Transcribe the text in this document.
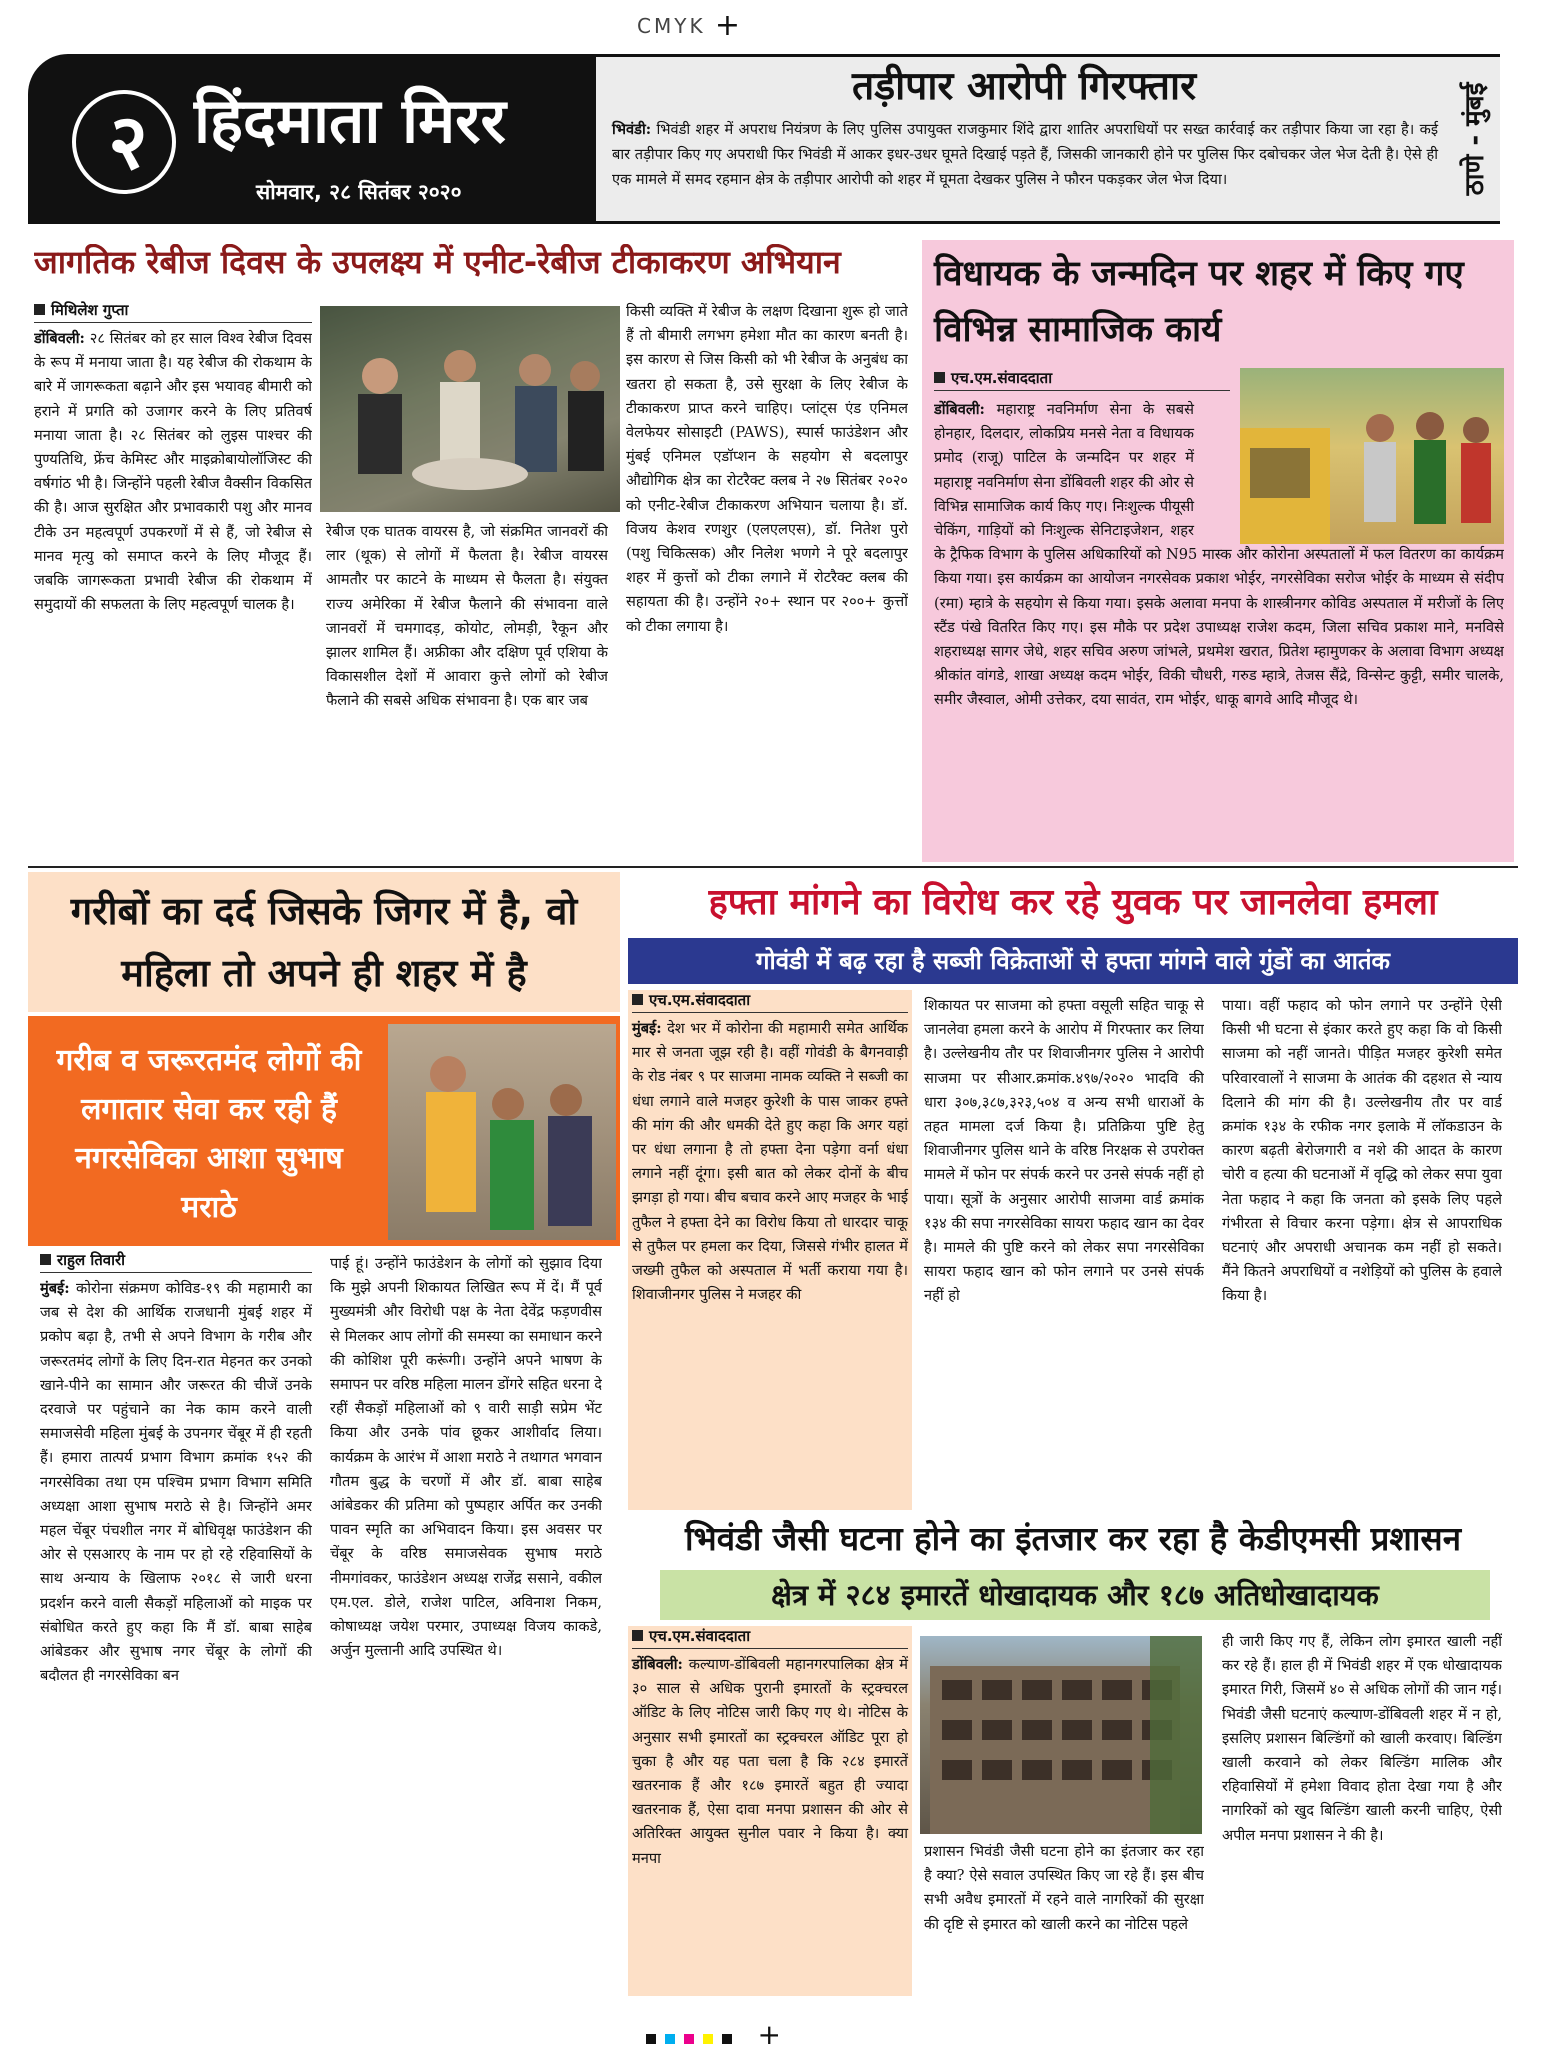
CMYK +
२ हिंदमाता मिरर
सोमवार, २८ सितंबर २०२०
तड़ीपार आरोपी गिरफ्तार
भिवंडी: भिवंडी शहर में अपराध नियंत्रण के लिए पुलिस उपायुक्त राजकुमार शिंदे द्वारा शातिर अपराधियों पर सख्त कार्रवाई कर तड़ीपार किया जा रहा है। कई बार तड़ीपार किए गए अपराधी फिर भिवंडी में आकर इधर-उधर घूमते दिखाई पड़ते हैं, जिसकी जानकारी होने पर पुलिस फिर दबोचकर जेल भेज देती है। ऐसे ही एक मामले में समद रहमान क्षेत्र के तड़ीपार आरोपी को शहर में घूमता देखकर पुलिस ने फौरन पकड़कर जेल भेज दिया।	ठाणे - मुंबई
जागतिक रेबीज दिवस के उपलक्ष्य में एनीट-रेबीज टीकाकरण अभियान
मिथिलेश गुप्ता
डोंबिवली: २८ सितंबर को हर साल विश्व रेबीज दिवस के रूप में मनाया जाता है। यह रेबीज की रोकथाम के बारे में जागरूकता बढ़ाने और इस भयावह बीमारी को हराने में प्रगति को उजागर करने के लिए प्रतिवर्ष मनाया जाता है। २८ सितंबर को लुइस पाश्चर की पुण्यतिथि, फ्रेंच केमिस्ट और माइक्रोबायोलॉजिस्ट की वर्षगांठ भी है। जिन्होंने पहली रेबीज वैक्सीन विकसित की है। आज सुरक्षित और प्रभावकारी पशु और मानव टीके उन महत्वपूर्ण उपकरणों में से हैं, जो रेबीज से मानव मृत्यु को समाप्त करने के लिए मौजूद हैं। जबकि जागरूकता प्रभावी रेबीज की रोकथाम में समुदायों की सफलता के लिए महत्वपूर्ण चालक है।
रेबीज एक घातक वायरस है, जो संक्रमित जानवरों की लार (थूक) से लोगों में फैलता है। रेबीज वायरस आमतौर पर काटने के माध्यम से फैलता है। संयुक्त राज्य अमेरिका में रेबीज फैलाने की संभावना वाले जानवरों में चमगादड़, कोयोट, लोमड़ी, रैकून और झालर शामिल हैं। अफ्रीका और दक्षिण पूर्व एशिया के विकासशील देशों में आवारा कुत्ते लोगों को रेबीज फैलाने की सबसे अधिक संभावना है। एक बार जब
किसी व्यक्ति में रेबीज के लक्षण दिखाना शुरू हो जाते हैं तो बीमारी लगभग हमेशा मौत का कारण बनती है। इस कारण से जिस किसी को भी रेबीज के अनुबंध का खतरा हो सकता है, उसे सुरक्षा के लिए रेबीज के टीकाकरण प्राप्त करने चाहिए। प्लांट्स एंड एनिमल वेलफेयर सोसाइटी (PAWS), स्पार्स फाउंडेशन और मुंबई एनिमल एडॉप्शन के सहयोग से बदलापुर औद्योगिक क्षेत्र का रोटरैक्ट क्लब ने २७ सितंबर २०२० को एनीट-रेबीज टीकाकरण अभियान चलाया है। डॉ. विजय केशव रणशुर (एलएलएस), डॉ. नितेश पुरो (पशु चिकित्सक) और निलेश भणगे ने पूरे बदलापुर शहर में कुत्तों को टीका लगाने में रोटरैक्ट क्लब की सहायता की है। उन्होंने २०+ स्थान पर २००+ कुत्तों को टीका लगाया है।
विधायक के जन्मदिन पर शहर में किए गए विभिन्न सामाजिक कार्य
एच.एम.संवाददाता
डोंबिवली: महाराष्ट्र नवनिर्माण सेना के सबसे होनहार, दिलदार, लोकप्रिय मनसे नेता व विधायक प्रमोद (राजू) पाटिल के जन्मदिन पर शहर में महाराष्ट्र नवनिर्माण सेना डोंबिवली शहर की ओर से विभिन्न सामाजिक कार्य किए गए। निःशुल्क पीयूसी चेकिंग, गाड़ियों को निःशुल्क सेनिटाइजेशन, शहर के ट्रैफिक विभाग के पुलिस अधिकारियों को N95 मास्क और कोरोना अस्पतालों में फल वितरण का कार्यक्रम किया गया। इस कार्यक्रम का आयोजन नगरसेवक प्रकाश भोईर, नगरसेविका सरोज भोईर के माध्यम से संदीप (रमा) म्हात्रे के सहयोग से किया गया। इसके अलावा मनपा के शास्त्रीनगर कोविड अस्पताल में मरीजों के लिए स्टैंड पंखे वितरित किए गए। इस मौके पर प्रदेश उपाध्यक्ष राजेश कदम, जिला सचिव प्रकाश माने, मनविसे शहराध्यक्ष सागर जेधे, शहर सचिव अरुण जांभले, प्रथमेश खरात, प्रितेश म्हामुणकर के अलावा विभाग अध्यक्ष श्रीकांत वांगडे, शाखा अध्यक्ष कदम भोईर, विकी चौधरी, गरुड म्हात्रे, तेजस सैंद्रे, विन्सेन्ट कुट्टी, समीर चालके, समीर जैस्वाल, ओमी उत्तेकर, दया सावंत, राम भोईर, धाकू बागवे आदि मौजूद थे।
गरीबों का दर्द जिसके जिगर में है, वो महिला तो अपने ही शहर में है
गरीब व जरूरतमंद लोगों की लगातार सेवा कर रही हैं नगरसेविका आशा सुभाष मराठे
राहुल तिवारी
मुंबई: कोरोना संक्रमण कोविड-१९ की महामारी का जब से देश की आर्थिक राजधानी मुंबई शहर में प्रकोप बढ़ा है, तभी से अपने विभाग के गरीब और जरूरतमंद लोगों के लिए दिन-रात मेहनत कर उनको खाने-पीने का सामान और जरूरत की चीजें उनके दरवाजे पर पहुंचाने का नेक काम करने वाली समाजसेवी महिला मुंबई के उपनगर चेंबूर में ही रहती हैं। हमारा तात्पर्य प्रभाग विभाग क्रमांक १५२ की नगरसेविका तथा एम पश्चिम प्रभाग विभाग समिति अध्यक्षा आशा सुभाष मराठे से है। जिन्होंने अमर महल चेंबूर पंचशील नगर में बोधिवृक्ष फाउंडेशन की ओर से एसआरए के नाम पर हो रहे रहिवासियों के साथ अन्याय के खिलाफ २०१८ से जारी धरना प्रदर्शन करने वाली सैकड़ों महिलाओं को माइक पर संबोधित करते हुए कहा कि मैं डॉ. बाबा साहेब आंबेडकर और सुभाष नगर चेंबूर के लोगों की बदौलत ही नगरसेविका बन
पाई हूं। उन्होंने फाउंडेशन के लोगों को सुझाव दिया कि मुझे अपनी शिकायत लिखित रूप में दें। मैं पूर्व मुख्यमंत्री और विरोधी पक्ष के नेता देवेंद्र फड़णवीस से मिलकर आप लोगों की समस्या का समाधान करने की कोशिश पूरी करूंगी। उन्होंने अपने भाषण के समापन पर वरिष्ठ महिला मालन डोंगरे सहित धरना दे रहीं सैकड़ों महिलाओं को ९ वारी साड़ी सप्रेम भेंट किया और उनके पांव छूकर आशीर्वाद लिया। कार्यक्रम के आरंभ में आशा मराठे ने तथागत भगवान गौतम बुद्ध के चरणों में और डॉ. बाबा साहेब आंबेडकर की प्रतिमा को पुष्पहार अर्पित कर उनकी पावन स्मृति का अभिवादन किया। इस अवसर पर चेंबूर के वरिष्ठ समाजसेवक सुभाष मराठे नीमगांवकर, फाउंडेशन अध्यक्ष राजेंद्र ससाने, वकील एम.एल. डोले, राजेश पाटिल, अविनाश निकम, कोषाध्यक्ष जयेश परमार, उपाध्यक्ष विजय काकडे, अर्जुन मुल्तानी आदि उपस्थित थे।
हफ्ता मांगने का विरोध कर रहे युवक पर जानलेवा हमला
गोवंडी में बढ़ रहा है सब्जी विक्रेताओं से हफ्ता मांगने वाले गुंडों का आतंक
एच.एम.संवाददाता
मुंबई: देश भर में कोरोना की महामारी समेत आर्थिक मार से जनता जूझ रही है। वहीं गोवंडी के बैगनवाड़ी के रोड नंबर ९ पर साजमा नामक व्यक्ति ने सब्जी का धंधा लगाने वाले मजहर कुरेशी के पास जाकर हफ्ते की मांग की और धमकी देते हुए कहा कि अगर यहां पर धंधा लगाना है तो हफ्ता देना पड़ेगा वर्ना धंधा लगाने नहीं दूंगा। इसी बात को लेकर दोनों के बीच झगड़ा हो गया। बीच बचाव करने आए मजहर के भाई तुफैल ने हफ्ता देने का विरोध किया तो धारदार चाकू से तुफैल पर हमला कर दिया, जिससे गंभीर हालत में जख्मी तुफैल को अस्पताल में भर्ती कराया गया है। शिवाजीनगर पुलिस ने मजहर की
शिकायत पर साजमा को हफ्ता वसूली सहित चाकू से जानलेवा हमला करने के आरोप में गिरफ्तार कर लिया है। उल्लेखनीय तौर पर शिवाजीनगर पुलिस ने आरोपी साजमा पर सीआर.क्रमांक.४९७/२०२० भादवि की धारा ३०७,३८७,३२३,५०४ व अन्य सभी धाराओं के तहत मामला दर्ज किया है। प्रतिक्रिया पुष्टि हेतु शिवाजीनगर पुलिस थाने के वरिष्ठ निरक्षक से उपरोक्त मामले में फोन पर संपर्क करने पर उनसे संपर्क नहीं हो पाया। सूत्रों के अनुसार आरोपी साजमा वार्ड क्रमांक १३४ की सपा नगरसेविका सायरा फहाद खान का देवर है। मामले की पुष्टि करने को लेकर सपा नगरसेविका सायरा फहाद खान को फोन लगाने पर उनसे संपर्क नहीं हो
पाया। वहीं फहाद को फोन लगाने पर उन्होंने ऐसी किसी भी घटना से इंकार करते हुए कहा कि वो किसी साजमा को नहीं जानते। पीड़ित मजहर कुरेशी समेत परिवारवालों ने साजमा के आतंक की दहशत से न्याय दिलाने की मांग की है। उल्लेखनीय तौर पर वार्ड क्रमांक १३४ के रफीक नगर इलाके में लॉकडाउन के कारण बढ़ती बेरोजगारी व नशे की आदत के कारण चोरी व हत्या की घटनाओं में वृद्धि को लेकर सपा युवा नेता फहाद ने कहा कि जनता को इसके लिए पहले गंभीरता से विचार करना पड़ेगा। क्षेत्र से आपराधिक घटनाएं और अपराधी अचानक कम नहीं हो सकते। मैंने कितने अपराधियों व नशेड़ियों को पुलिस के हवाले किया है।
भिवंडी जैसी घटना होने का इंतजार कर रहा है केडीएमसी प्रशासन
क्षेत्र में २८४ इमारतें धोखादायक और १८७ अतिधोखादायक
एच.एम.संवाददाता
डोंबिवली: कल्याण-डोंबिवली महानगरपालिका क्षेत्र में ३० साल से अधिक पुरानी इमारतों के स्ट्रक्चरल ऑडिट के लिए नोटिस जारी किए गए थे। नोटिस के अनुसार सभी इमारतों का स्ट्रक्चरल ऑडिट पूरा हो चुका है और यह पता चला है कि २८४ इमारतें खतरनाक हैं और १८७ इमारतें बहुत ही ज्यादा खतरनाक हैं, ऐसा दावा मनपा प्रशासन की ओर से अतिरिक्त आयुक्त सुनील पवार ने किया है। क्या मनपा	प्रशासन भिवंडी जैसी घटना होने का इंतजार कर रहा है क्या? ऐसे सवाल उपस्थित किए जा रहे हैं। इस बीच सभी अवैध इमारतों में रहने वाले नागरिकों की सुरक्षा की दृष्टि से इमारत को खाली करने का नोटिस पहले
ही जारी किए गए हैं, लेकिन लोग इमारत खाली नहीं कर रहे हैं। हाल ही में भिवंडी शहर में एक धोखादायक इमारत गिरी, जिसमें ४० से अधिक लोगों की जान गई। भिवंडी जैसी घटनाएं कल्याण-डोंबिवली शहर में न हो, इसलिए प्रशासन बिल्डिंगों को खाली करवाए। बिल्डिंग खाली करवाने को लेकर बिल्डिंग मालिक और रहिवासियों में हमेशा विवाद होता देखा गया है और नागरिकों को खुद बिल्डिंग खाली करनी चाहिए, ऐसी अपील मनपा प्रशासन ने की है।
+
